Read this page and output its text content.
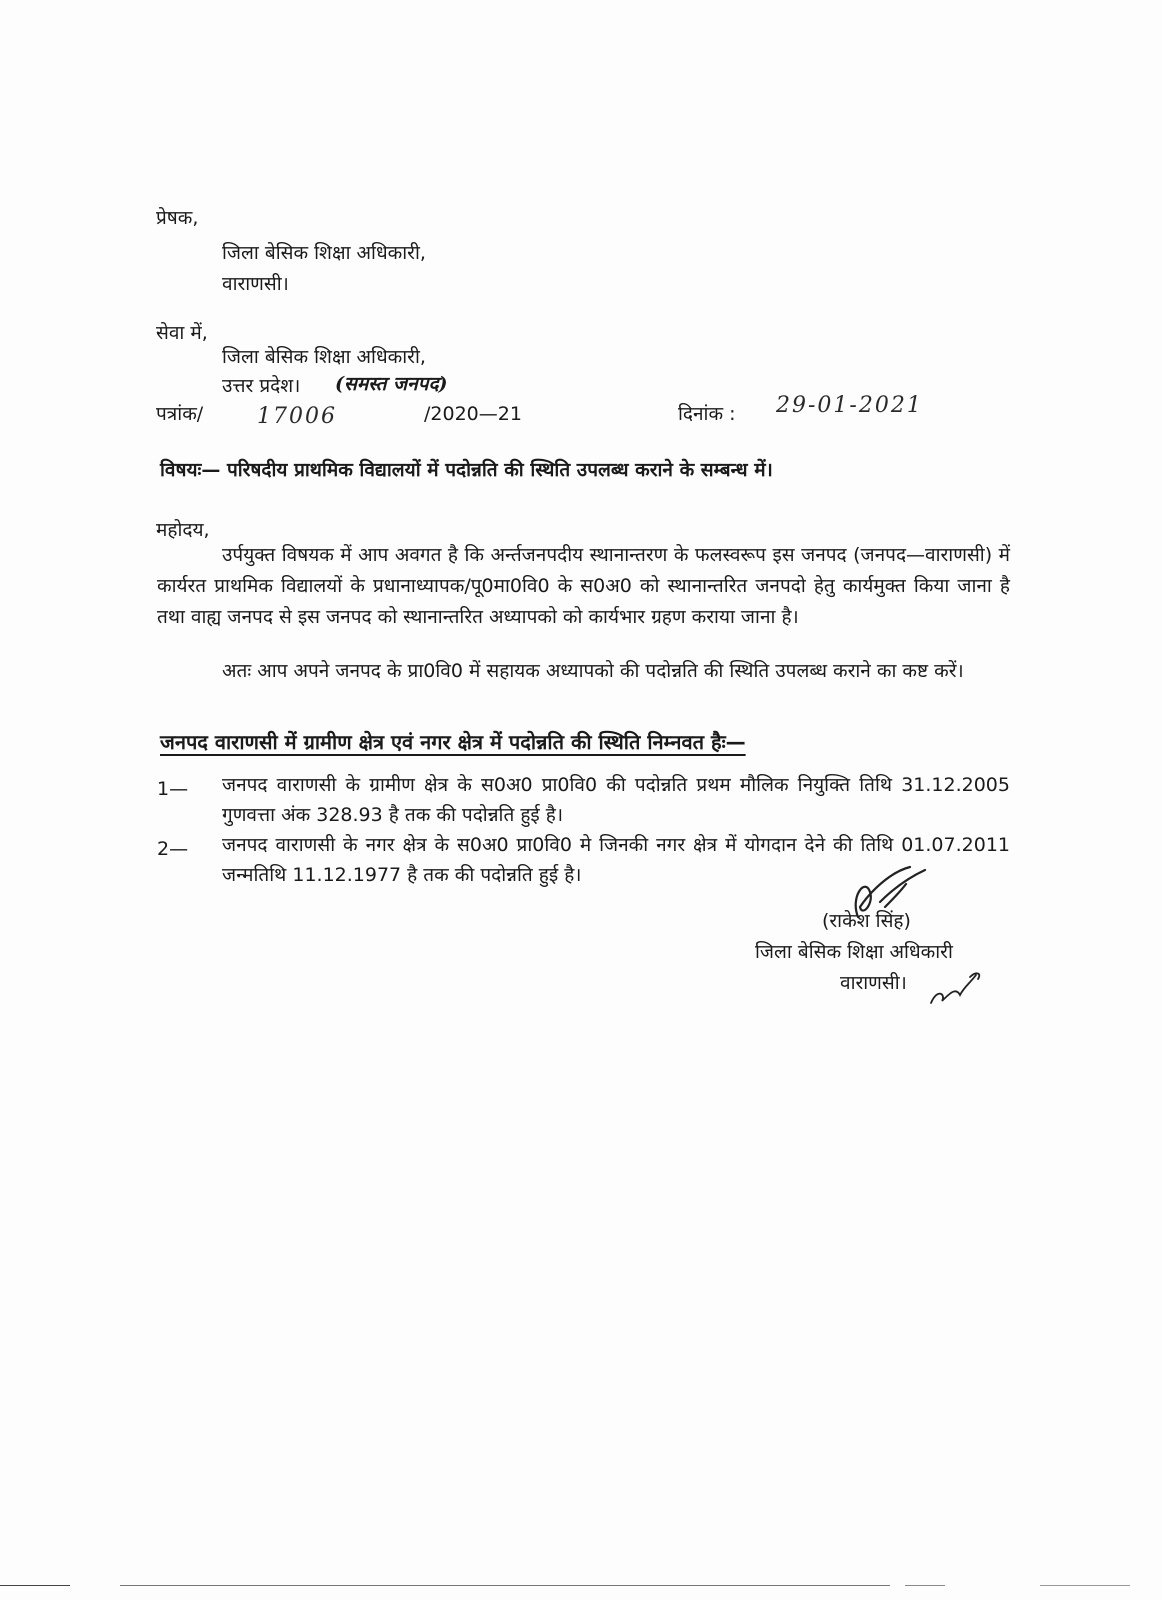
प्रेषक,
जिला बेसिक शिक्षा अधिकारी,
वाराणसी।
सेवा में,
जिला बेसिक शिक्षा अधिकारी,
उत्तर प्रदेश। (समस्त जनपद)
पत्रांक/ 17006	/2020—21	दिनांक : 29-01-2021
विषयः— परिषदीय प्राथमिक विद्यालयों में पदोन्नति की स्थिति उपलब्ध कराने के सम्बन्ध में।
महोदय,
उर्पयुक्त विषयक में आप अवगत है कि अर्न्तजनपदीय स्थानान्तरण के फलस्वरूप इस जनपद (जनपद—वाराणसी) में कार्यरत प्राथमिक विद्यालयों के प्रधानाध्यापक/पू0मा0वि0 के स0अ0 को स्थानान्तरित जनपदो हेतु कार्यमुक्त किया जाना है तथा वाह्य जनपद से इस जनपद को स्थानान्तरित अध्यापको को कार्यभार ग्रहण कराया जाना है।
अतः आप अपने जनपद के प्रा0वि0 में सहायक अध्यापको की पदोन्नति की स्थिति उपलब्ध कराने का कष्ट करें।
जनपद वाराणसी में ग्रामीण क्षेत्र एवं नगर क्षेत्र में पदोन्नति की स्थिति निम्नवत हैः—
1— जनपद वाराणसी के ग्रामीण क्षेत्र के स0अ0 प्रा0वि0 की पदोन्नति प्रथम मौलिक नियुक्ति तिथि 31.12.2005 गुणवत्ता अंक 328.93 है तक की पदोन्नति हुई है।
2— जनपद वाराणसी के नगर क्षेत्र के स0अ0 प्रा0वि0 मे जिनकी नगर क्षेत्र में योगदान देने की तिथि 01.07.2011 जन्मतिथि 11.12.1977 है तक की पदोन्नति हुई है।
(राकेश सिंह)
जिला बेसिक शिक्षा अधिकारी
वाराणसी।
